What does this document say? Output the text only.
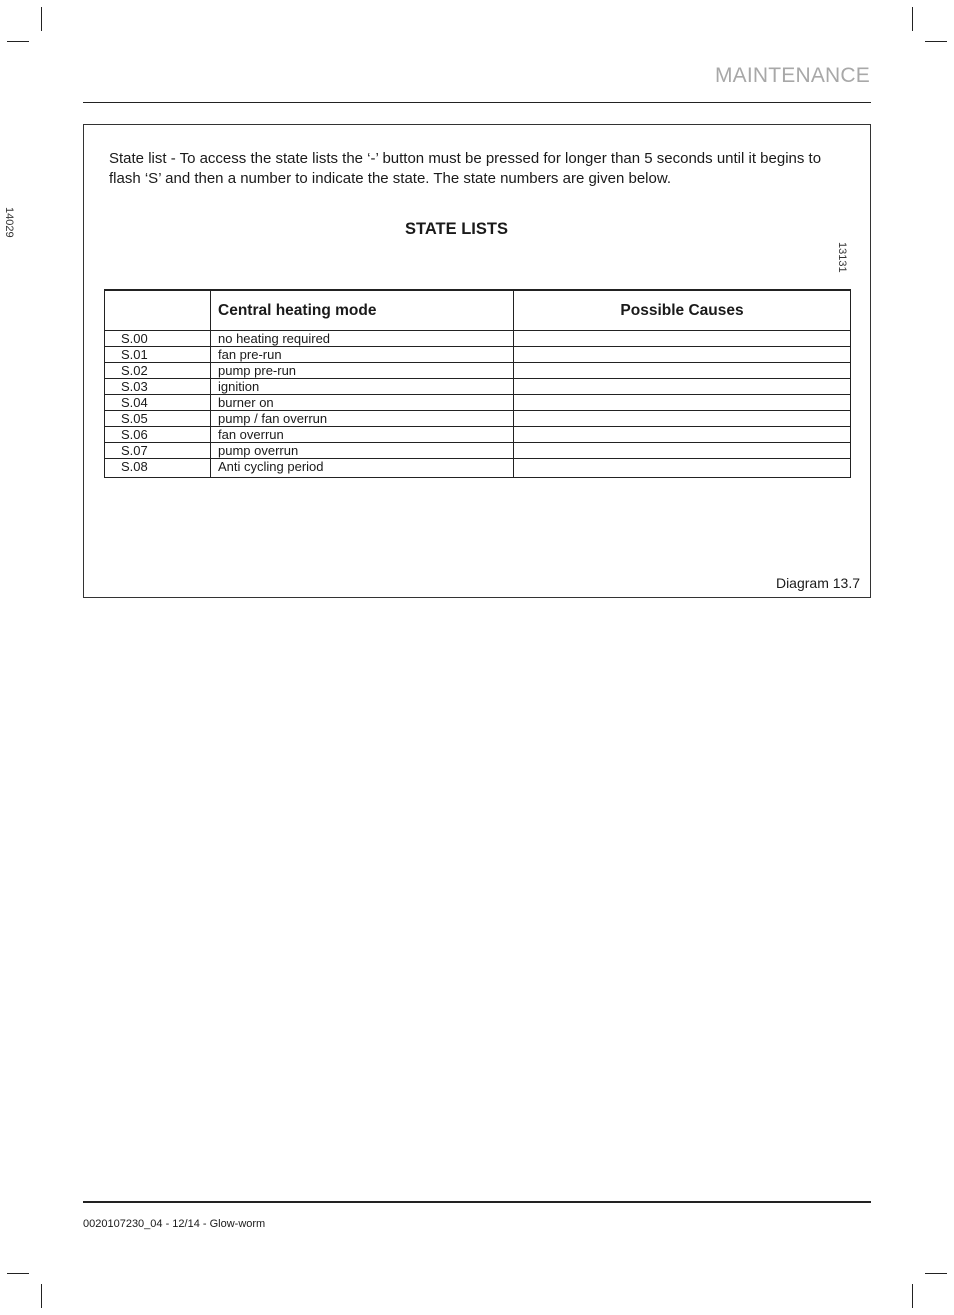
MAINTENANCE
14029
State list - To access the state lists the ‘-’ button must be pressed for longer than 5 seconds until it begins to flash ‘S’ and then a number to indicate the state. The state numbers are given below.
STATE LISTS
13131
	Central heating mode	Possible Causes
S.00	no heating required	
S.01	fan pre-run	
S.02	pump pre-run	
S.03	ignition	
S.04	burner on	
S.05	pump / fan overrun	
S.06	fan overrun	
S.07	pump overrun	
S.08	Anti cycling period	
Diagram 13.7
0020107230_04 - 12/14 - Glow-worm
